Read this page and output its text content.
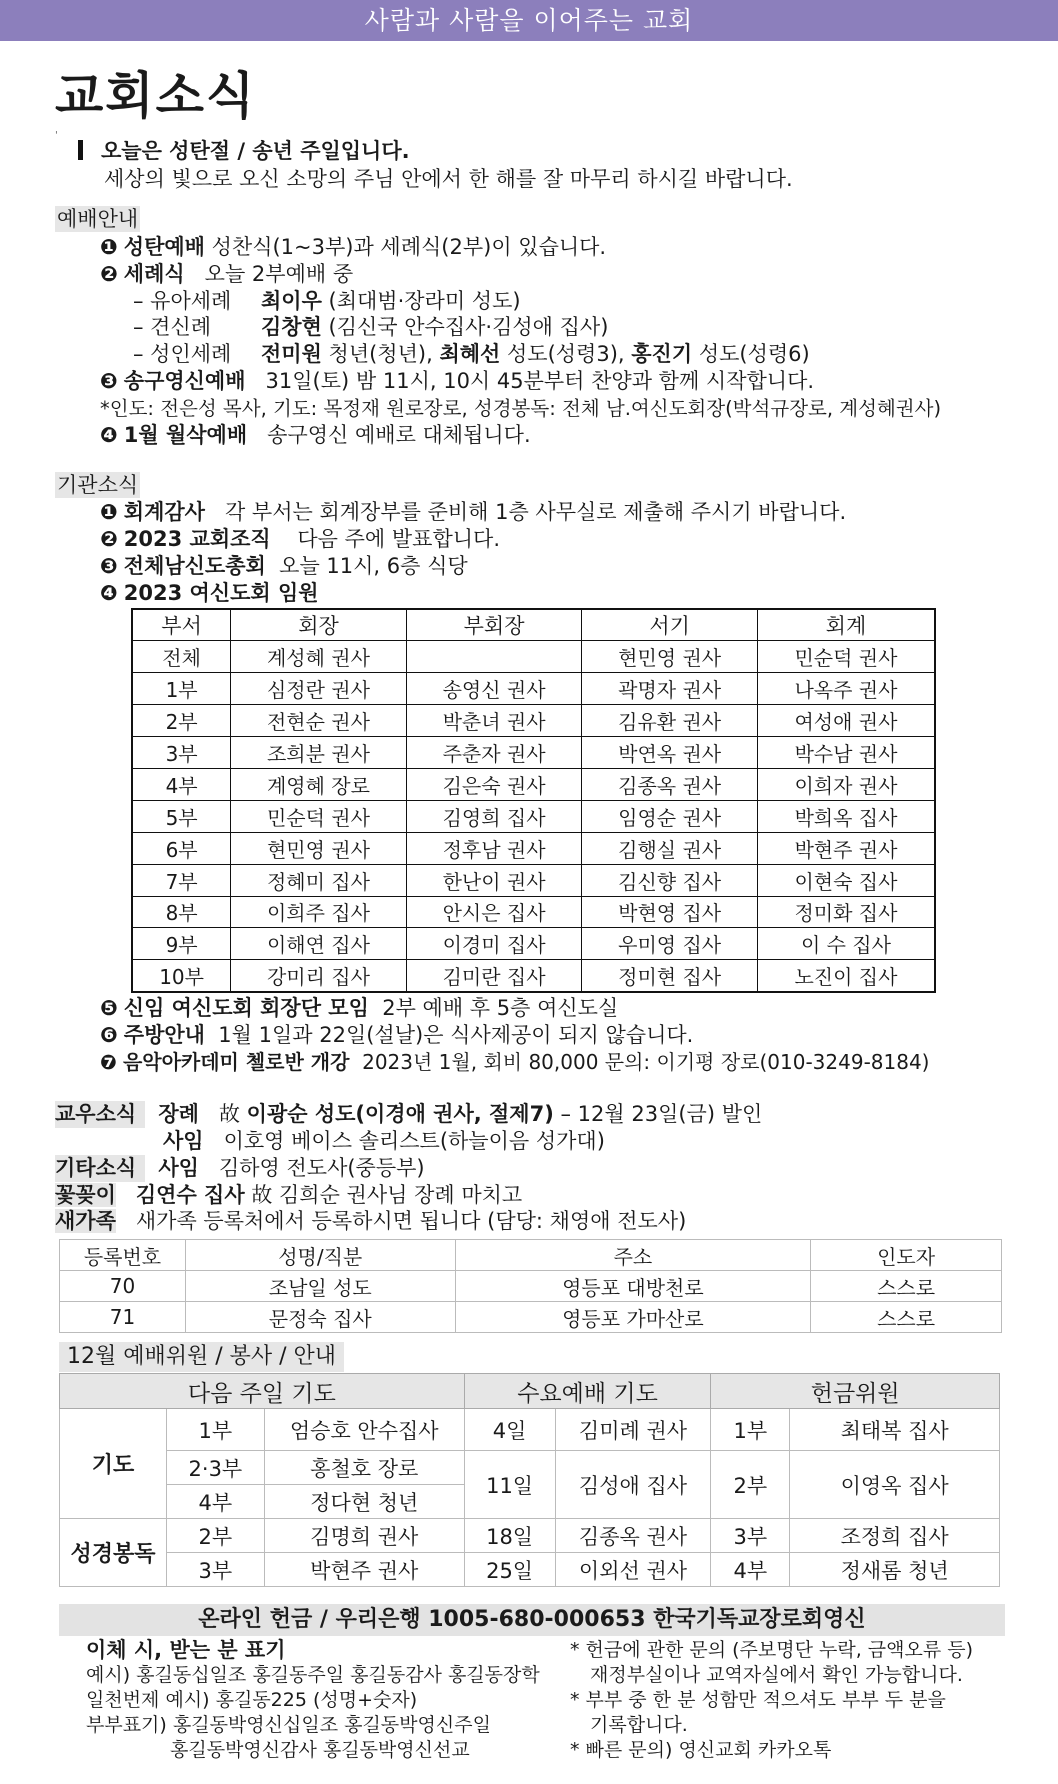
사람과 사람을 이어주는 교회
교회소식
'
오늘은 성탄절 / 송년 주일입니다.
세상의 빛으로 오신 소망의 주님 안에서 한 해를 잘 마무리 하시길 바랍니다.
예배안내
❶ 성탄예배 성찬식(1~3부)과 세례식(2부)이 있습니다.
❷ 세례식 오늘 2부예배 중
– 유아세례 최이우 (최대범·장라미 성도)
– 견신례 김창현 (김신국 안수집사·김성애 집사)
– 성인세례 전미원 청년(청년), 최혜선 성도(성령3), 홍진기 성도(성령6)
❸ 송구영신예배 31일(토) 밤 11시, 10시 45분부터 찬양과 함께 시작합니다.
*인도: 전은성 목사, 기도: 목정재 원로장로, 성경봉독: 전체 남.여신도회장(박석규장로, 계성혜권사)
❹ 1월 월삭예배 송구영신 예배로 대체됩니다.
기관소식
❶ 회계감사 각 부서는 회계장부를 준비해 1층 사무실로 제출해 주시기 바랍니다.
❷ 2023 교회조직 다음 주에 발표합니다.
❸ 전체남신도총회 오늘 11시, 6층 식당
❹ 2023 여신도회 임원
부서	회장	부회장	서기	회계
전체	계성혜 권사		현민영 권사	민순덕 권사
1부	심정란 권사	송영신 권사	곽명자 권사	나옥주 권사
2부	전현순 권사	박춘녀 권사	김유환 권사	여성애 권사
3부	조희분 권사	주춘자 권사	박연옥 권사	박수남 권사
4부	계영혜 장로	김은숙 권사	김종옥 권사	이희자 권사
5부	민순덕 권사	김영희 집사	임영순 권사	박희옥 집사
6부	현민영 권사	정후남 권사	김행실 권사	박현주 권사
7부	정혜미 집사	한난이 권사	김신향 집사	이현숙 집사
8부	이희주 집사	안시은 집사	박현영 집사	정미화 집사
9부	이해연 집사	이경미 집사	우미영 집사	이 수 집사
10부	강미리 집사	김미란 집사	정미현 집사	노진이 집사
❺ 신임 여신도회 회장단 모임 2부 예배 후 5층 여신도실
❻ 주방안내 1월 1일과 22일(설날)은 식사제공이 되지 않습니다.
❼ 음악아카데미 첼로반 개강 2023년 1월, 회비 80,000 문의: 이기평 장로(010-3249-8184)
교우소식 장례 故 이광순 성도(이경애 권사, 절제7) – 12월 23일(금) 발인
사임 이호영 베이스 솔리스트(하늘이음 성가대)
기타소식 사임 김하영 전도사(중등부)
꽃꽂이 김연수 집사 故 김희순 권사님 장례 마치고
새가족 새가족 등록처에서 등록하시면 됩니다 (담당: 채영애 전도사)
등록번호	성명/직분	주소	인도자
70	조남일 성도	영등포 대방천로	스스로
71	문정숙 집사	영등포 가마산로	스스로
12월 예배위원 / 봉사 / 안내
다음 주일 기도			수요예배 기도		헌금위원	
기도	1부	엄승호 안수집사	4일	김미례 권사	1부	최태복 집사
	2·3부	홍철호 장로	11일	김성애 집사	2부	이영옥 집사
	4부	정다현 청년				
성경봉독	2부	김명희 권사	18일	김종옥 권사	3부	조정희 집사
	3부	박현주 권사	25일	이외선 권사	4부	정새롬 청년
온라인 헌금 / 우리은행 1005-680-000653 한국기독교장로회영신
이체 시, 받는 분 표기
예시) 홍길동십일조 홍길동주일 홍길동감사 홍길동장학
일천번제 예시) 홍길동225 (성명+숫자)
부부표기) 홍길동박영신십일조 홍길동박영신주일
홍길동박영신감사 홍길동박영신선교
* 헌금에 관한 문의 (주보명단 누락, 금액오류 등)
재정부실이나 교역자실에서 확인 가능합니다.
* 부부 중 한 분 성함만 적으셔도 부부 두 분을
기록합니다.
* 빠른 문의) 영신교회 카카오톡
